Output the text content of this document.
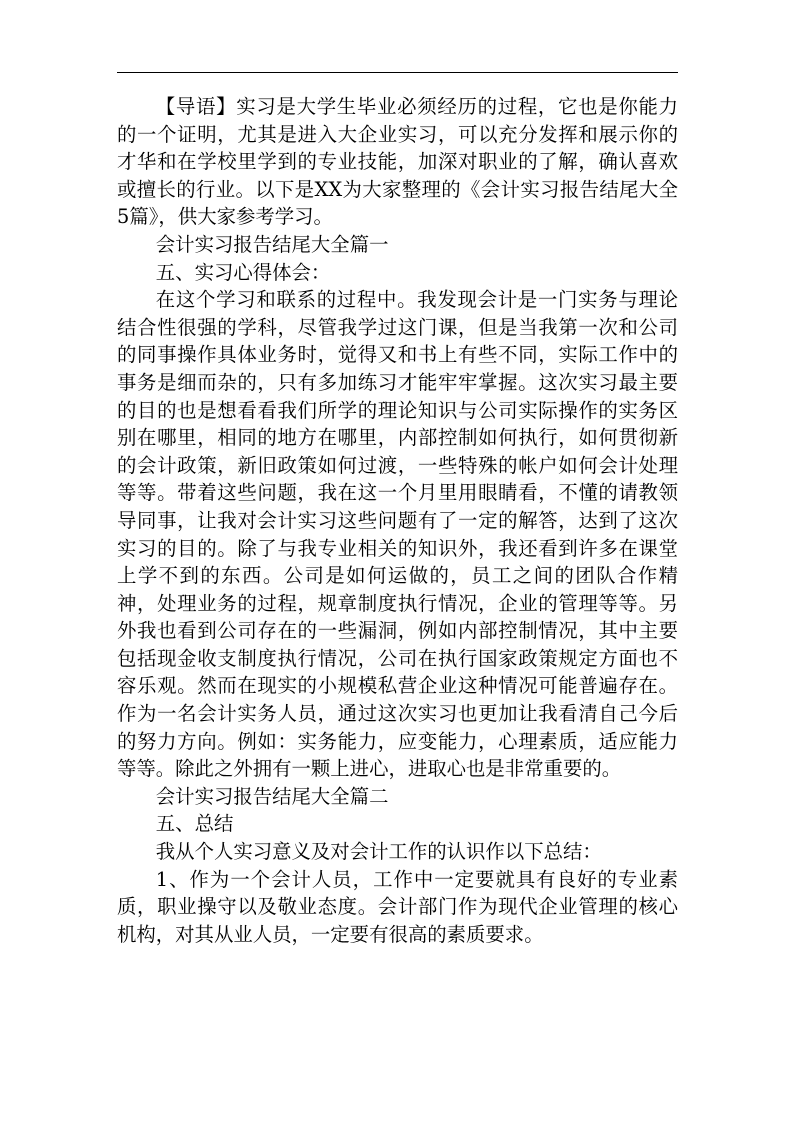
【导语】实习是大学生毕业必须经历的过程，它也是你能力的一个证明，尤其是进入大企业实习，可以充分发挥和展示你的才华和在学校里学到的专业技能，加深对职业的了解，确认喜欢或擅长的行业。以下是XX为大家整理的《会计实习报告结尾大全5篇》，供大家参考学习。

会计实习报告结尾大全篇一

五、实习心得体会：

在这个学习和联系的过程中。我发现会计是一门实务与理论结合性很强的学科，尽管我学过这门课，但是当我第一次和公司的同事操作具体业务时，觉得又和书上有些不同，实际工作中的事务是细而杂的，只有多加练习才能牢牢掌握。这次实习最主要的目的也是想看看我们所学的理论知识与公司实际操作的实务区别在哪里，相同的地方在哪里，内部控制如何执行，如何贯彻新的会计政策，新旧政策如何过渡，一些特殊的帐户如何会计处理等等。带着这些问题，我在这一个月里用眼睛看，不懂的请教领导同事，让我对会计实习这些问题有了一定的解答，达到了这次实习的目的。除了与我专业相关的知识外，我还看到许多在课堂上学不到的东西。公司是如何运做的，员工之间的团队合作精神，处理业务的过程，规章制度执行情况，企业的管理等等。另外我也看到公司存在的一些漏洞，例如内部控制情况，其中主要包括现金收支制度执行情况，公司在执行国家政策规定方面也不容乐观。然而在现实的小规模私营企业这种情况可能普遍存在。作为一名会计实务人员，通过这次实习也更加让我看清自己今后的努力方向。例如：实务能力，应变能力，心理素质，适应能力等等。除此之外拥有一颗上进心，进取心也是非常重要的。

会计实习报告结尾大全篇二

五、总结

我从个人实习意义及对会计工作的认识作以下总结：

1、作为一个会计人员，工作中一定要就具有良好的专业素质，职业操守以及敬业态度。会计部门作为现代企业管理的核心机构，对其从业人员，一定要有很高的素质要求。
